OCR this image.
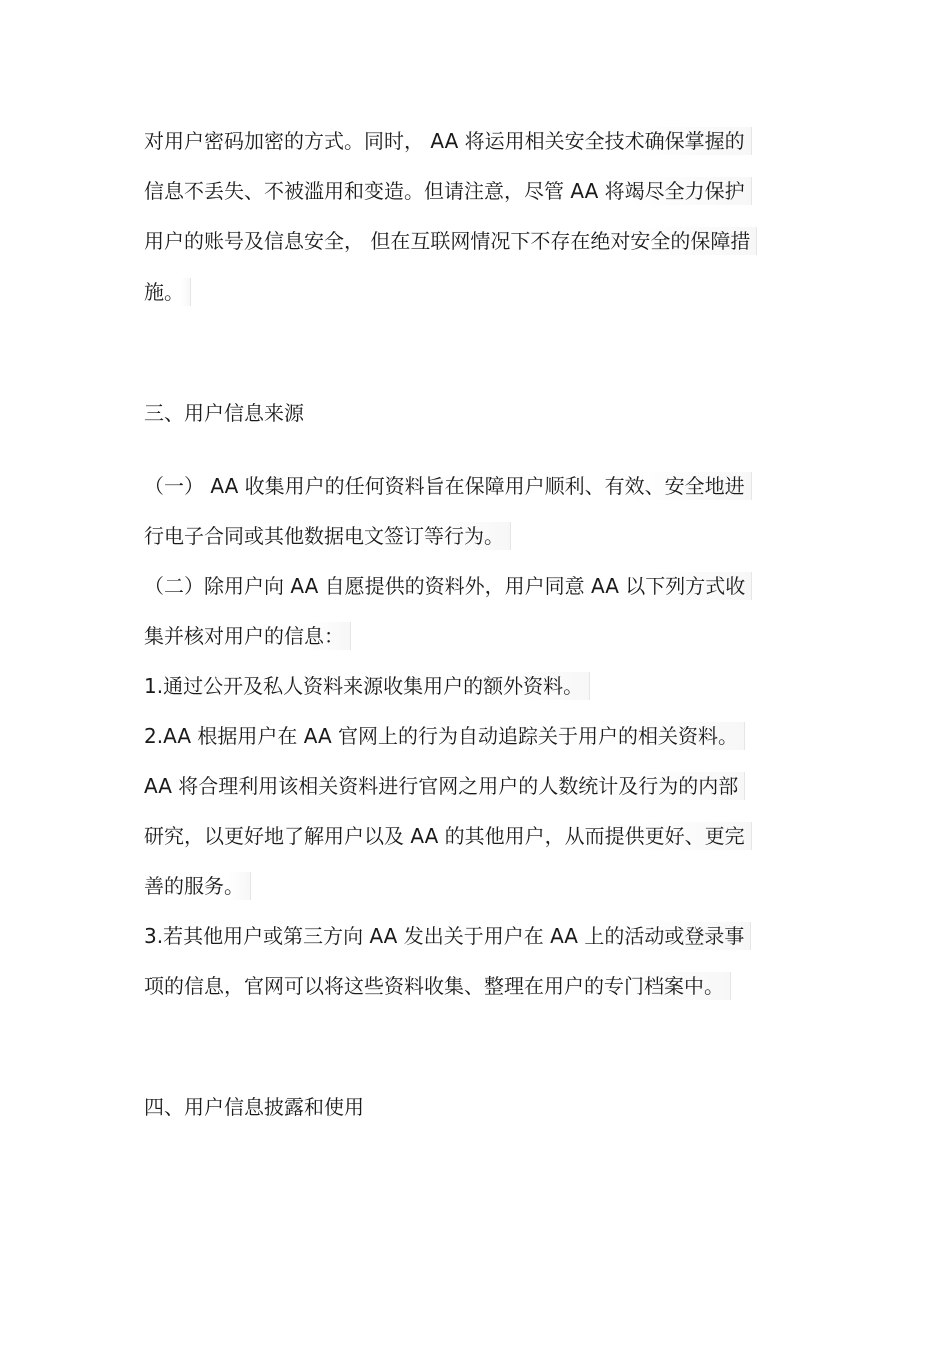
对用户密码加密的方式。同时， AA 将运用相关安全技术确保掌握的
信息不丢失、不被滥用和变造。但请注意，尽管 AA 将竭尽全力保护
用户的账号及信息安全， 但在互联网情况下不存在绝对安全的保障措
施。
三、用户信息来源
（一） AA 收集用户的任何资料旨在保障用户顺利、有效、安全地进
行电子合同或其他数据电文签订等行为。
（二）除用户向 AA 自愿提供的资料外，用户同意 AA 以下列方式收
集并核对用户的信息：
1.通过公开及私人资料来源收集用户的额外资料。
2.AA 根据用户在 AA 官网上的行为自动追踪关于用户的相关资料。
AA 将合理利用该相关资料进行官网之用户的人数统计及行为的内部
研究，以更好地了解用户以及 AA 的其他用户，从而提供更好、更完
善的服务。
3.若其他用户或第三方向 AA 发出关于用户在 AA 上的活动或登录事
项的信息，官网可以将这些资料收集、整理在用户的专门档案中。
四、用户信息披露和使用
